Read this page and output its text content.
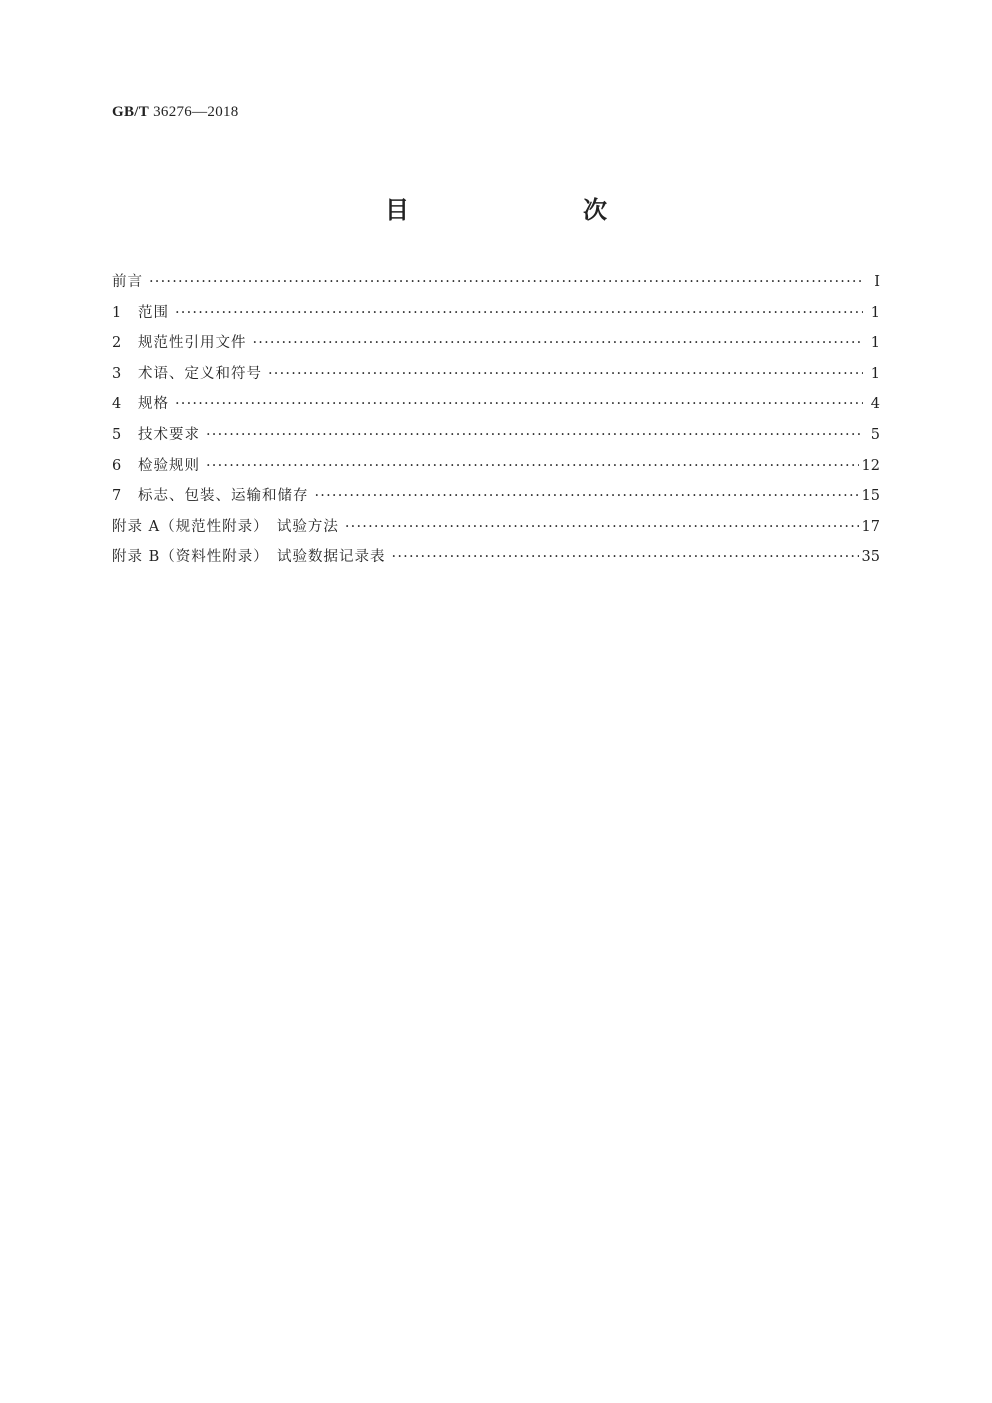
GB/T 36276—2018
目　　次
前言 ·····	Ⅰ
1	范围 ·····	1
2	规范性引用文件 ·····	1
3	术语、定义和符号 ·····	1
4	规格 ·····	4
5	技术要求 ·····	5
6	检验规则 ·····	12
7	标志、包装、运输和储存 ·····	15
附录 A（规范性附录）　试验方法 ·····	17
附录 B（资料性附录）　试验数据记录表 ·····	35
